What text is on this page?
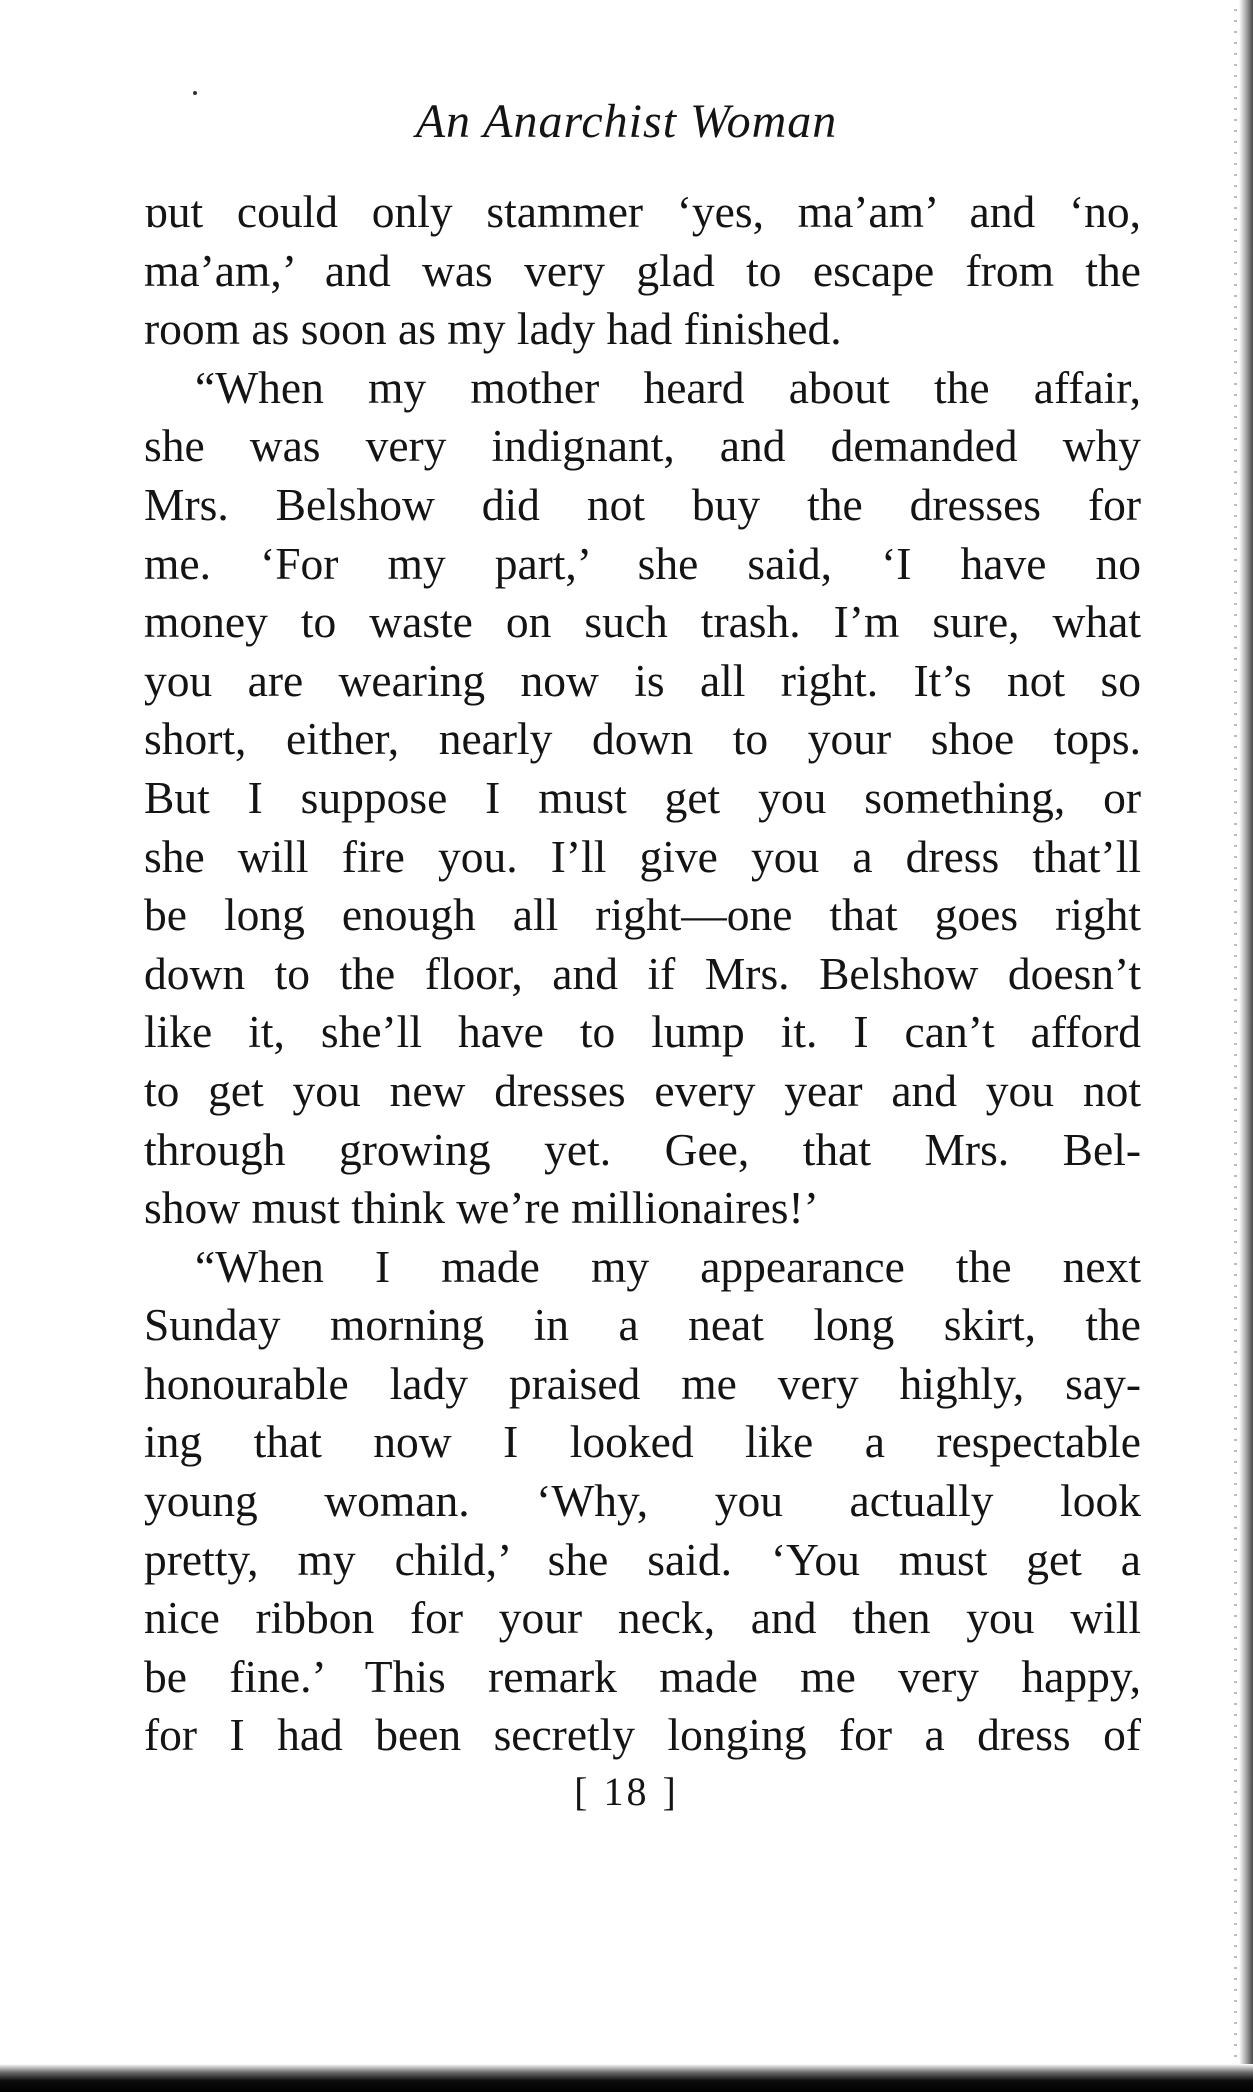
An Anarchist Woman
ɒut could only stammer ‘yes, ma’am’ and ‘no,
ma’am,’ and was very glad to escape from the
room as soon as my lady had finished.
“When my mother heard about the affair,
she was very indignant, and demanded why
Mrs. Belshow did not buy the dresses for
me. ‘For my part,’ she said, ‘I have no
money to waste on such trash. I’m sure, what
you are wearing now is all right. It’s not so
short, either, nearly down to your shoe tops.
But I suppose I must get you something, or
she will fire you. I’ll give you a dress that’ll
be long enough all right—one that goes right
down to the floor, and if Mrs. Belshow doesn’t
like it, she’ll have to lump it. I can’t afford
to get you new dresses every year and you not
through growing yet. Gee, that Mrs. Bel-
show must think we’re millionaires!’
“When I made my appearance the next
Sunday morning in a neat long skirt, the
honourable lady praised me very highly, say-
ing that now I looked like a respectable
young woman. ‘Why, you actually look
pretty, my child,’ she said. ‘You must get a
nice ribbon for your neck, and then you will
be fine.’ This remark made me very happy,
for I had been secretly longing for a dress of
[ 18 ]
